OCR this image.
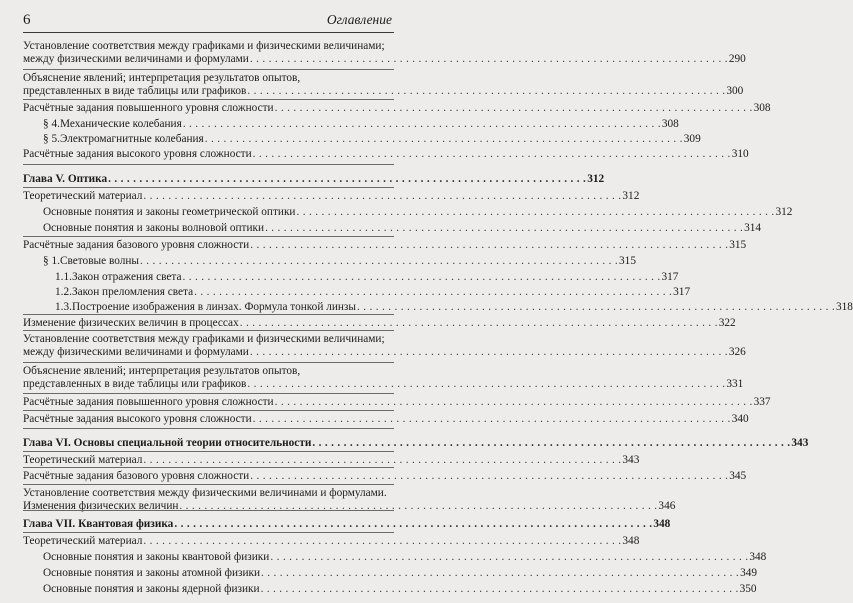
6	Оглавление
Установление соответствия между графиками и физическими величинами;
между физическими величинами и формулами . . . . . . . . . . . . . . . . . . . . . . . . . . . . . . . . . . . . . . . . . . . . . . . . . . . . . . . . . . . . . . . . . . . . . . . . . . . . . 290
Объяснение явлений; интерпретация результатов опытов,
представленных в виде таблицы или графиков . . . . . . . . . . . . . . . . . . . . . . . . . . . . . . . . . . . . . . . . . . . . . . . . . . . . . . . . . . . . . . . . . . . . . . . . . . . . . 300
Расчётные задания повышенного уровня сложности . . . . . . . . . . . . . . . . . . . . . . . . . . . . . . . . . . . . . . . . . . . . . . . . . . . . . . . . . . . . . . . . . . . . . . . . . . . . . 308
§ 4. Механические колебания . . . . . . . . . . . . . . . . . . . . . . . . . . . . . . . . . . . . . . . . . . . . . . . . . . . . . . . . . . . . . . . . . . . . . . . . . . . . . 308
§ 5. Электромагнитные колебания . . . . . . . . . . . . . . . . . . . . . . . . . . . . . . . . . . . . . . . . . . . . . . . . . . . . . . . . . . . . . . . . . . . . . . . . . . . . . 309
Расчётные задания высокого уровня сложности . . . . . . . . . . . . . . . . . . . . . . . . . . . . . . . . . . . . . . . . . . . . . . . . . . . . . . . . . . . . . . . . . . . . . . . . . . . . . 310
Глава V. Оптика . . . . . . . . . . . . . . . . . . . . . . . . . . . . . . . . . . . . . . . . . . . . . . . . . . . . . . . . . . . . . . . . . . . . . . . . . . . . . 312
Теоретический материал . . . . . . . . . . . . . . . . . . . . . . . . . . . . . . . . . . . . . . . . . . . . . . . . . . . . . . . . . . . . . . . . . . . . . . . . . . . . . 312
Основные понятия и законы геометрической оптики . . . . . . . . . . . . . . . . . . . . . . . . . . . . . . . . . . . . . . . . . . . . . . . . . . . . . . . . . . . . . . . . . . . . . . . . . . . . . 312
Основные понятия и законы волновой оптики . . . . . . . . . . . . . . . . . . . . . . . . . . . . . . . . . . . . . . . . . . . . . . . . . . . . . . . . . . . . . . . . . . . . . . . . . . . . . 314
Расчётные задания базового уровня сложности . . . . . . . . . . . . . . . . . . . . . . . . . . . . . . . . . . . . . . . . . . . . . . . . . . . . . . . . . . . . . . . . . . . . . . . . . . . . . 315
§ 1. Световые волны . . . . . . . . . . . . . . . . . . . . . . . . . . . . . . . . . . . . . . . . . . . . . . . . . . . . . . . . . . . . . . . . . . . . . . . . . . . . . 315
1.1. Закон отражения света . . . . . . . . . . . . . . . . . . . . . . . . . . . . . . . . . . . . . . . . . . . . . . . . . . . . . . . . . . . . . . . . . . . . . . . . . . . . . 317
1.2. Закон преломления света . . . . . . . . . . . . . . . . . . . . . . . . . . . . . . . . . . . . . . . . . . . . . . . . . . . . . . . . . . . . . . . . . . . . . . . . . . . . . 317
1.3. Построение изображения в линзах. Формула тонкой линзы . . . . . . . . . . . . . . . . . . . . . . . . . . . . . . . . . . . . . . . . . . . . . . . . . . . . . . . . . . . . . . . . . . . . . . . . . . . . . 318
Изменение физических величин в процессах . . . . . . . . . . . . . . . . . . . . . . . . . . . . . . . . . . . . . . . . . . . . . . . . . . . . . . . . . . . . . . . . . . . . . . . . . . . . . 322
Установление соответствия между графиками и физическими величинами;
между физическими величинами и формулами . . . . . . . . . . . . . . . . . . . . . . . . . . . . . . . . . . . . . . . . . . . . . . . . . . . . . . . . . . . . . . . . . . . . . . . . . . . . . 326
Объяснение явлений; интерпретация результатов опытов,
представленных в виде таблицы или графиков . . . . . . . . . . . . . . . . . . . . . . . . . . . . . . . . . . . . . . . . . . . . . . . . . . . . . . . . . . . . . . . . . . . . . . . . . . . . . 331
Расчётные задания повышенного уровня сложности . . . . . . . . . . . . . . . . . . . . . . . . . . . . . . . . . . . . . . . . . . . . . . . . . . . . . . . . . . . . . . . . . . . . . . . . . . . . . 337
Расчётные задания высокого уровня сложности . . . . . . . . . . . . . . . . . . . . . . . . . . . . . . . . . . . . . . . . . . . . . . . . . . . . . . . . . . . . . . . . . . . . . . . . . . . . . 340
Глава VI. Основы специальной теории относительности . . . . . . . . . . . . . . . . . . . . . . . . . . . . . . . . . . . . . . . . . . . . . . . . . . . . . . . . . . . . . . . . . . . . . . . . . . . . . 343
Теоретический материал . . . . . . . . . . . . . . . . . . . . . . . . . . . . . . . . . . . . . . . . . . . . . . . . . . . . . . . . . . . . . . . . . . . . . . . . . . . . . 343
Расчётные задания базового уровня сложности . . . . . . . . . . . . . . . . . . . . . . . . . . . . . . . . . . . . . . . . . . . . . . . . . . . . . . . . . . . . . . . . . . . . . . . . . . . . . 345
Установление соответствия между физическими величинами и формулами.
Изменения физических величин . . . . . . . . . . . . . . . . . . . . . . . . . . . . . . . . . . . . . . . . . . . . . . . . . . . . . . . . . . . . . . . . . . . . . . . . . . . . . 346
Глава VII. Квантовая физика . . . . . . . . . . . . . . . . . . . . . . . . . . . . . . . . . . . . . . . . . . . . . . . . . . . . . . . . . . . . . . . . . . . . . . . . . . . . . 348
Теоретический материал . . . . . . . . . . . . . . . . . . . . . . . . . . . . . . . . . . . . . . . . . . . . . . . . . . . . . . . . . . . . . . . . . . . . . . . . . . . . . 348
Основные понятия и законы квантовой физики . . . . . . . . . . . . . . . . . . . . . . . . . . . . . . . . . . . . . . . . . . . . . . . . . . . . . . . . . . . . . . . . . . . . . . . . . . . . . 348
Основные понятия и законы атомной физики . . . . . . . . . . . . . . . . . . . . . . . . . . . . . . . . . . . . . . . . . . . . . . . . . . . . . . . . . . . . . . . . . . . . . . . . . . . . . 349
Основные понятия и законы ядерной физики . . . . . . . . . . . . . . . . . . . . . . . . . . . . . . . . . . . . . . . . . . . . . . . . . . . . . . . . . . . . . . . . . . . . . . . . . . . . . 350
